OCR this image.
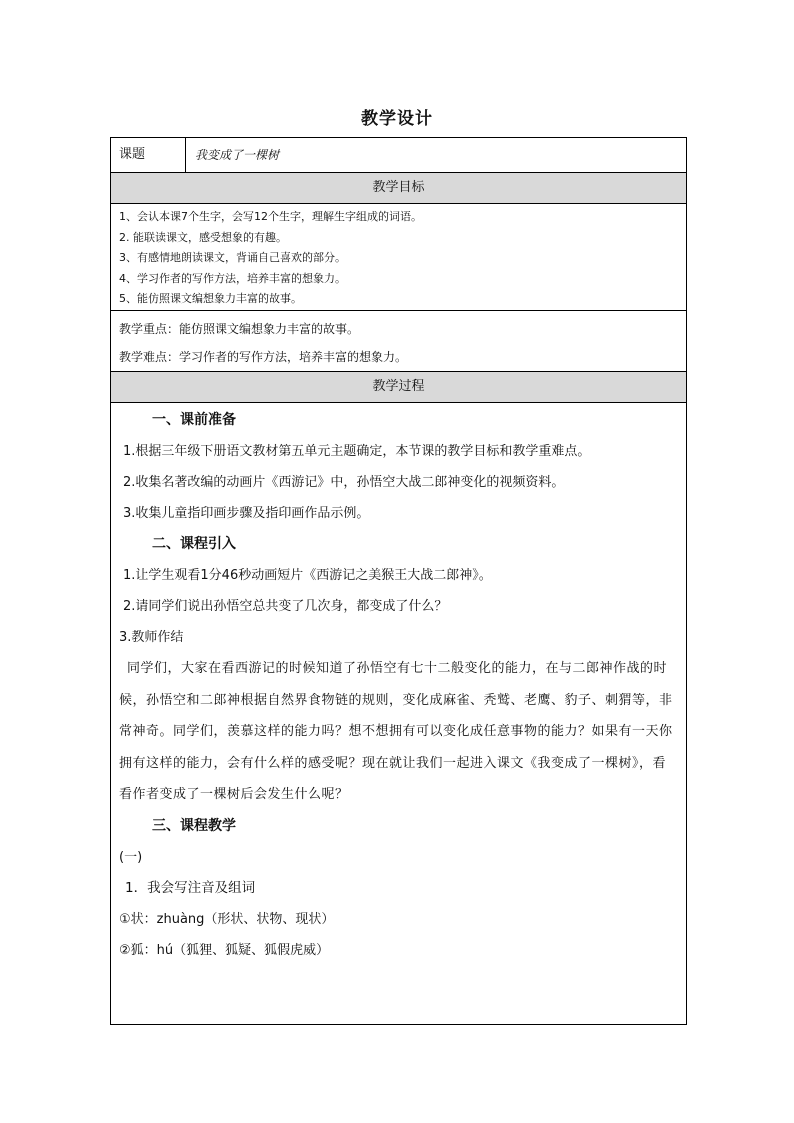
教学设计
课题	我变成了一棵树
教学目标
1、会认本课7个生字，会写12个生字，理解生字组成的词语。
2. 能联读课文，感受想象的有趣。
3、有感情地朗读课文，背诵自己喜欢的部分。
4、学习作者的写作方法，培养丰富的想象力。
5、能仿照课文编想象力丰富的故事。
教学重点：能仿照课文编想象力丰富的故事。
教学难点：学习作者的写作方法，培养丰富的想象力。
教学过程

一、课前准备

1.根据三年级下册语文教材第五单元主题确定，本节课的教学目标和教学重难点。

2.收集名著改编的动画片《西游记》中，孙悟空大战二郎神变化的视频资料。

3.收集儿童指印画步骤及指印画作品示例。

二、课程引入

1.让学生观看1分46秒动画短片《西游记之美猴王大战二郎神》。

2.请同学们说出孙悟空总共变了几次身，都变成了什么？

3.教师作结

同学们，大家在看西游记的时候知道了孙悟空有七十二般变化的能力，在与二郎神作战的时候，孙悟空和二郎神根据自然界食物链的规则，变化成麻雀、秃鹫、老鹰、豹子、刺猬等，非常神奇。同学们，羡慕这样的能力吗？想不想拥有可以变化成任意事物的能力？如果有一天你拥有这样的能力，会有什么样的感受呢？现在就让我们一起进入课文《我变成了一棵树》，看看作者变成了一棵树后会发生什么呢？

三、课程教学

(一)

1．我会写注音及组词

①状：zhuàng（形状、状物、现状）

②狐：hú（狐狸、狐疑、狐假虎威）
